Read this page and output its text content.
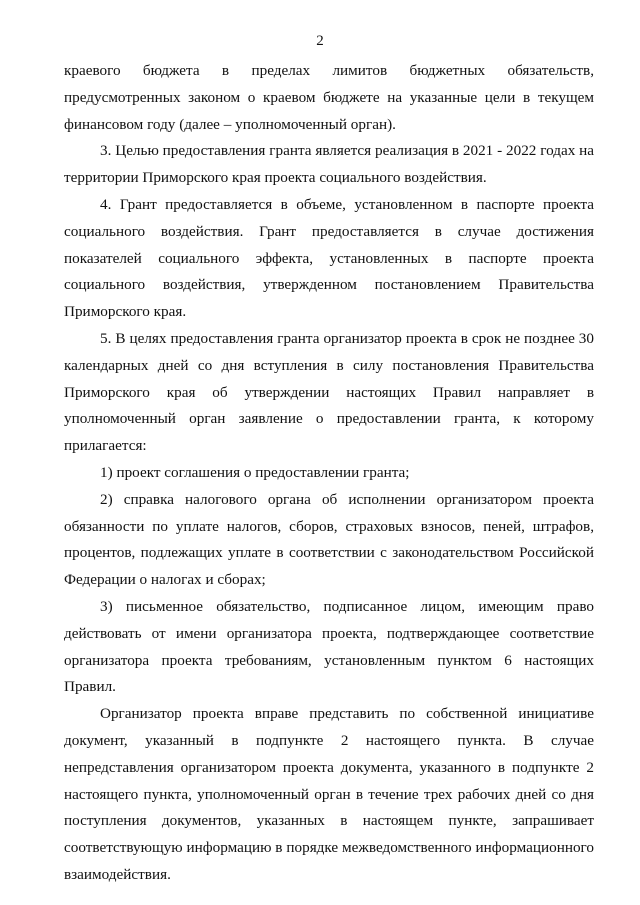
2

краевого бюджета в пределах лимитов бюджетных обязательств, предусмотренных законом о краевом бюджете на указанные цели в текущем финансовом году (далее – уполномоченный орган).

3. Целью предоставления гранта является реализация в 2021 - 2022 годах на территории Приморского края проекта социального воздействия.

4. Грант предоставляется в объеме, установленном в паспорте проекта социального воздействия. Грант предоставляется в случае достижения показателей социального эффекта, установленных в паспорте проекта социального воздействия, утвержденном постановлением Правительства Приморского края.

5. В целях предоставления гранта организатор проекта в срок не позднее 30 календарных дней со дня вступления в силу постановления Правительства Приморского края об утверждении настоящих Правил направляет в уполномоченный орган заявление о предоставлении гранта, к которому прилагается:

1) проект соглашения о предоставлении гранта;

2) справка налогового органа об исполнении организатором проекта обязанности по уплате налогов, сборов, страховых взносов, пеней, штрафов, процентов, подлежащих уплате в соответствии с законодательством Российской Федерации о налогах и сборах;

3) письменное обязательство, подписанное лицом, имеющим право действовать от имени организатора проекта, подтверждающее соответствие организатора проекта требованиям, установленным пунктом 6 настоящих Правил.

Организатор проекта вправе представить по собственной инициативе документ, указанный в подпункте 2 настоящего пункта. В случае непредставления организатором проекта документа, указанного в подпункте 2 настоящего пункта, уполномоченный орган в течение трех рабочих дней со дня поступления документов, указанных в настоящем пункте, запрашивает соответствующую информацию в порядке межведомственного информационного взаимодействия.
